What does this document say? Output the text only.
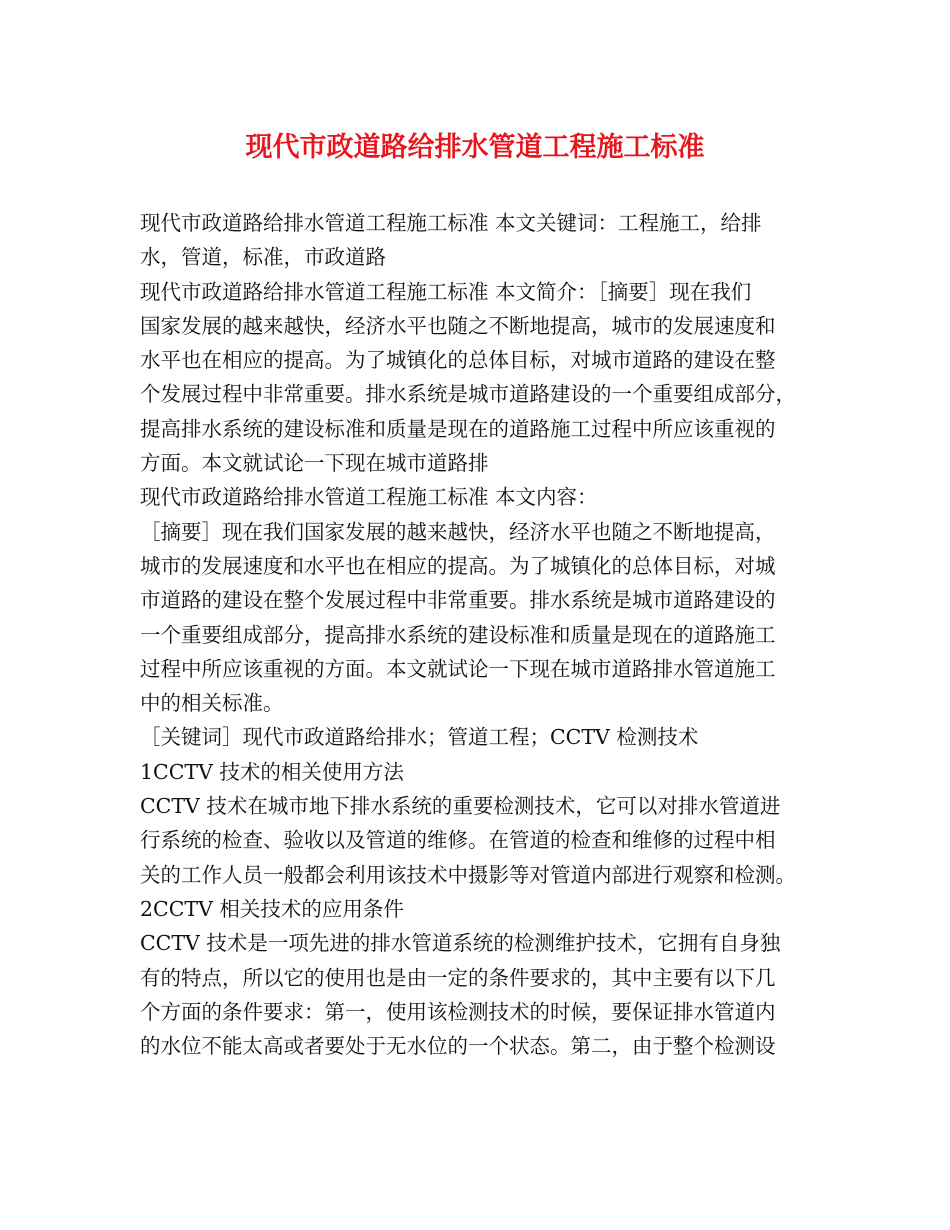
现代市政道路给排水管道工程施工标准
现代市政道路给排水管道工程施工标准 本文关键词：工程施工，给排
水，管道，标准，市政道路
现代市政道路给排水管道工程施工标准 本文简介：［摘要］现在我们
国家发展的越来越快，经济水平也随之不断地提高，城市的发展速度和
水平也在相应的提高。为了城镇化的总体目标，对城市道路的建设在整
个发展过程中非常重要。排水系统是城市道路建设的一个重要组成部分，
提高排水系统的建设标准和质量是现在的道路施工过程中所应该重视的
方面。本文就试论一下现在城市道路排
现代市政道路给排水管道工程施工标准 本文内容：
［摘要］现在我们国家发展的越来越快，经济水平也随之不断地提高，
城市的发展速度和水平也在相应的提高。为了城镇化的总体目标，对城
市道路的建设在整个发展过程中非常重要。排水系统是城市道路建设的
一个重要组成部分，提高排水系统的建设标准和质量是现在的道路施工
过程中所应该重视的方面。本文就试论一下现在城市道路排水管道施工
中的相关标准。
［关键词］现代市政道路给排水；管道工程；CCTV 检测技术
1CCTV 技术的相关使用方法
CCTV 技术在城市地下排水系统的重要检测技术，它可以对排水管道进
行系统的检查、验收以及管道的维修。在管道的检查和维修的过程中相
关的工作人员一般都会利用该技术中摄影等对管道内部进行观察和检测。
2CCTV 相关技术的应用条件
CCTV 技术是一项先进的排水管道系统的检测维护技术，它拥有自身独
有的特点，所以它的使用也是由一定的条件要求的，其中主要有以下几
个方面的条件要求：第一，使用该检测技术的时候，要保证排水管道内
的水位不能太高或者要处于无水位的一个状态。第二，由于整个检测设
